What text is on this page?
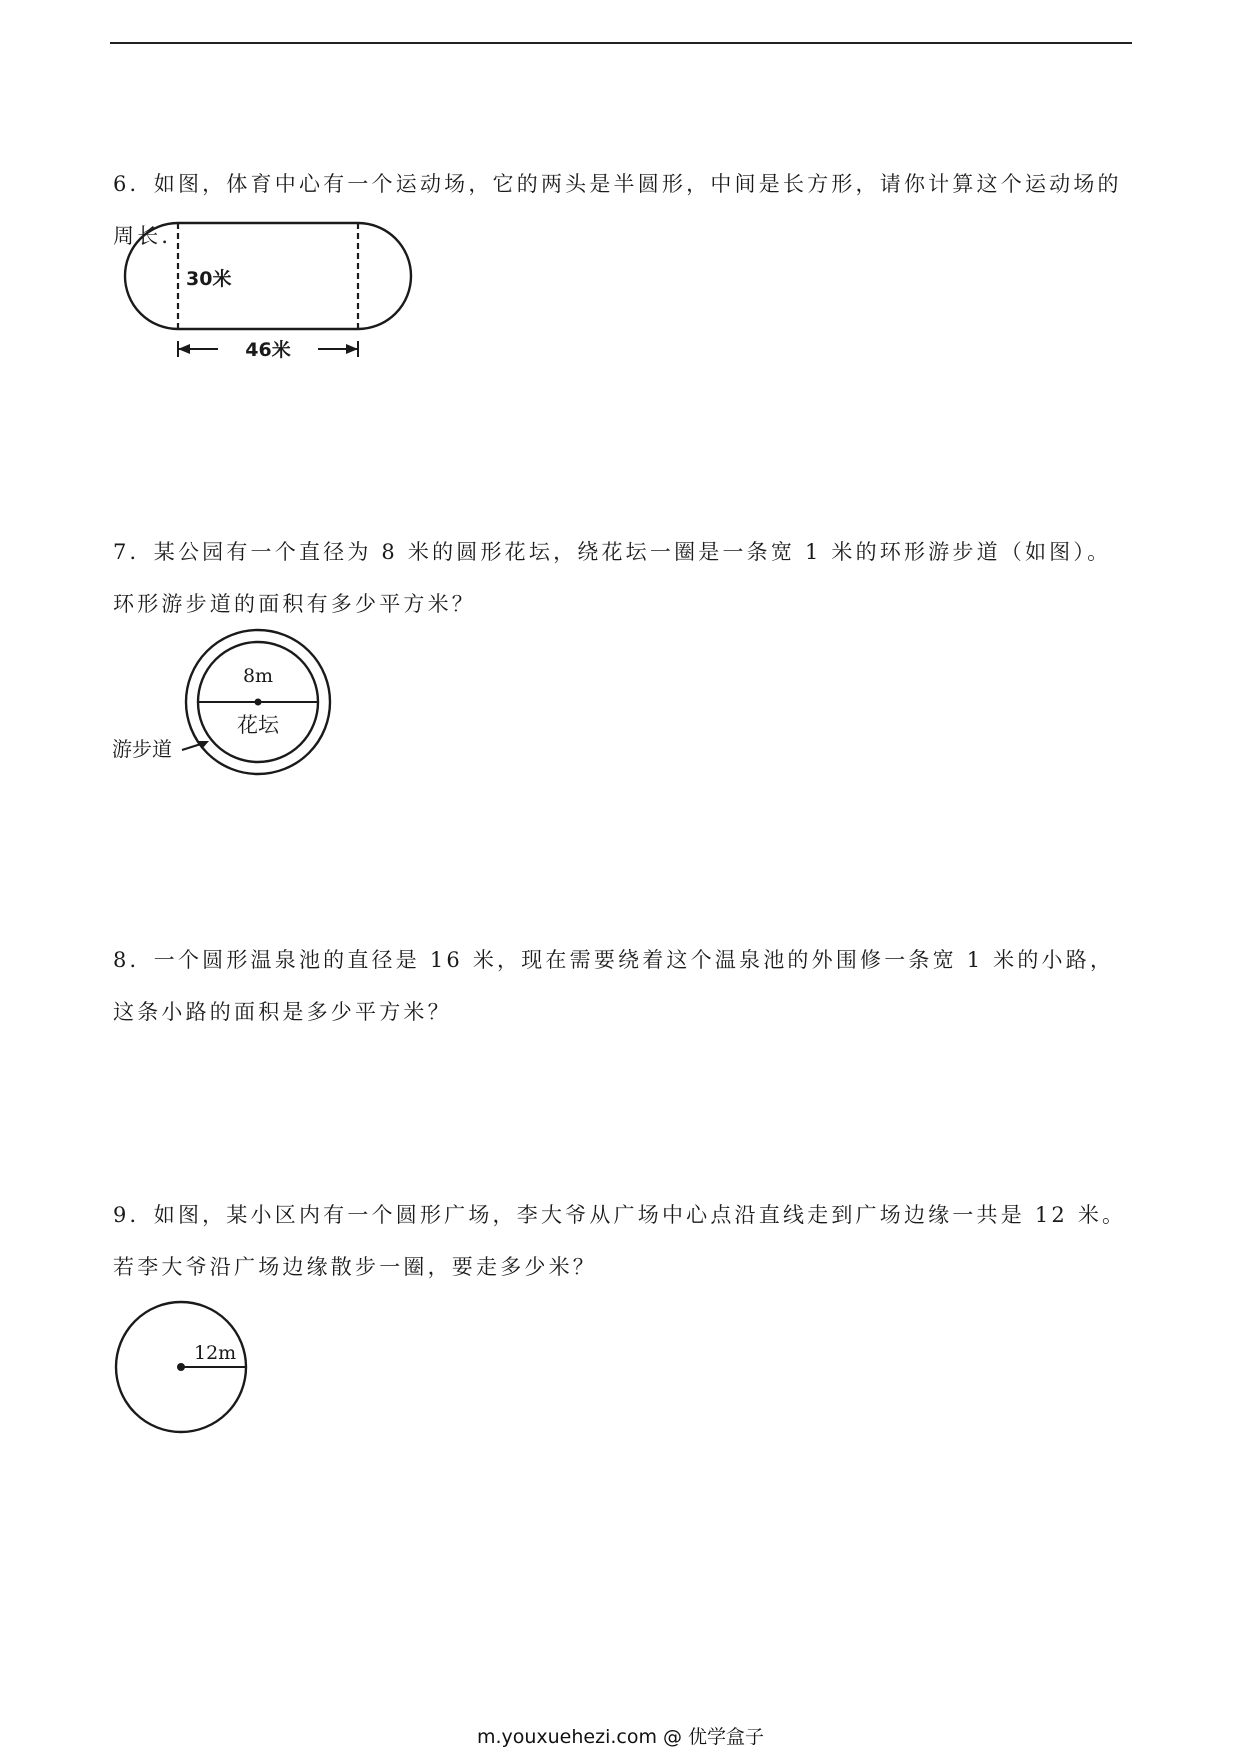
6．如图，体育中心有一个运动场，它的两头是半圆形，中间是长方形，请你计算这个运动场的周长．
30米
46米
7．某公园有一个直径为 8 米的圆形花坛，绕花坛一圈是一条宽 1 米的环形游步道（如图）。环形游步道的面积有多少平方米？
8m
花坛
游步道
8．一个圆形温泉池的直径是 16 米，现在需要绕着这个温泉池的外围修一条宽 1 米的小路，这条小路的面积是多少平方米？
9．如图，某小区内有一个圆形广场，李大爷从广场中心点沿直线走到广场边缘一共是 12 米。若李大爷沿广场边缘散步一圈，要走多少米？
12m
m.youxuehezi.com @ 优学盒子
